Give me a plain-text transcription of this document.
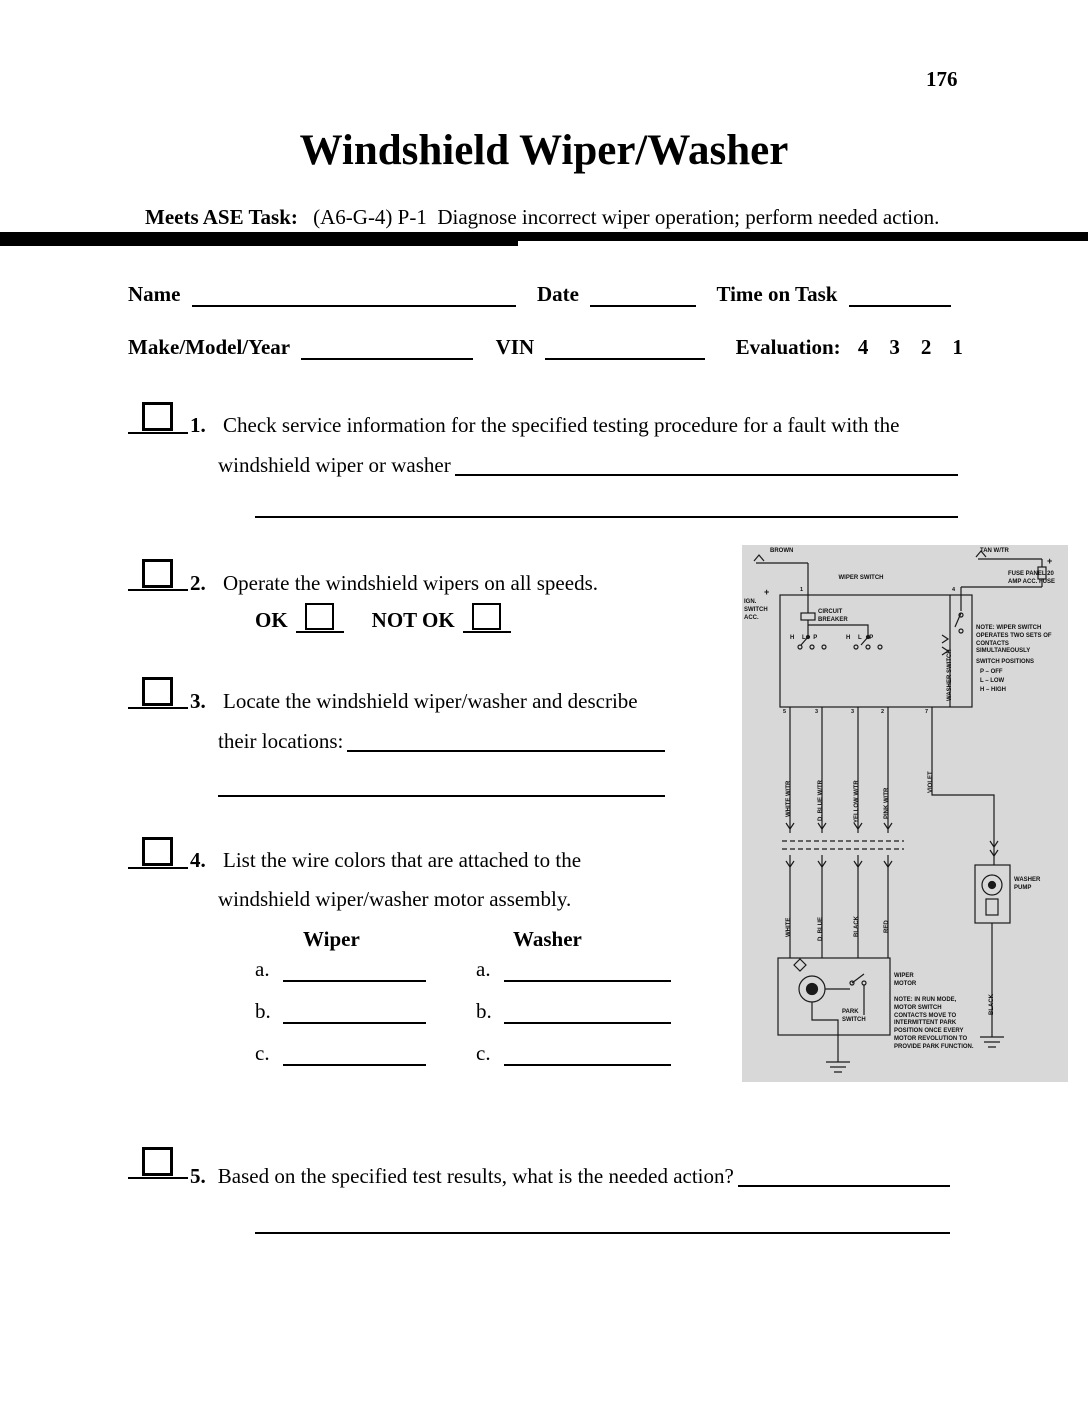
176
Windshield Wiper/Washer
Meets ASE Task: (A6-G-4) P-1  Diagnose incorrect wiper operation; perform needed action.
Name	Date	Time on Task
Make/Model/Year	VIN	Evaluation: 4    3    2    1
1. Check service information for the specified testing procedure for a fault with the
windshield wiper or washer
2. Operate the windshield wipers on all speeds.
OK	NOT OK
3. Locate the windshield wiper/washer and describe
their locations:
4. List the wire colors that are attached to the
windshield wiper/washer motor assembly.
Wiper	Washer
a.	a.
b.	b.
c.	c.
5. Based on the specified test results, what is the needed action?
BROWN	TAN W/TR
+
+
FUSE PANEL 20 AMP ACC. FUSE
WIPER SWITCH
IGN. SWITCH ACC.
1	4
CIRCUIT BREAKER
H L P	H L P
NOTE: WIPER SWITCH OPERATES TWO SETS OF CONTACTS SIMULTANEOUSLY
SWITCH POSITIONS
P – OFF
L – LOW
H – HIGH
WASHER SWITCH
5	3	3	2	7
WHITE W/TR	D. BLUE W/TR	YELLOW W/TR	PINK W/TR
VIOLET
WHITE	D. BLUE	BLACK	RED
WASHER PUMP
BLACK
WIPER MOTOR
PARK SWITCH
NOTE: IN RUN MODE, MOTOR SWITCH CONTACTS MOVE TO INTERMITTENT PARK POSITION ONCE EVERY MOTOR REVOLUTION TO PROVIDE PARK FUNCTION.
